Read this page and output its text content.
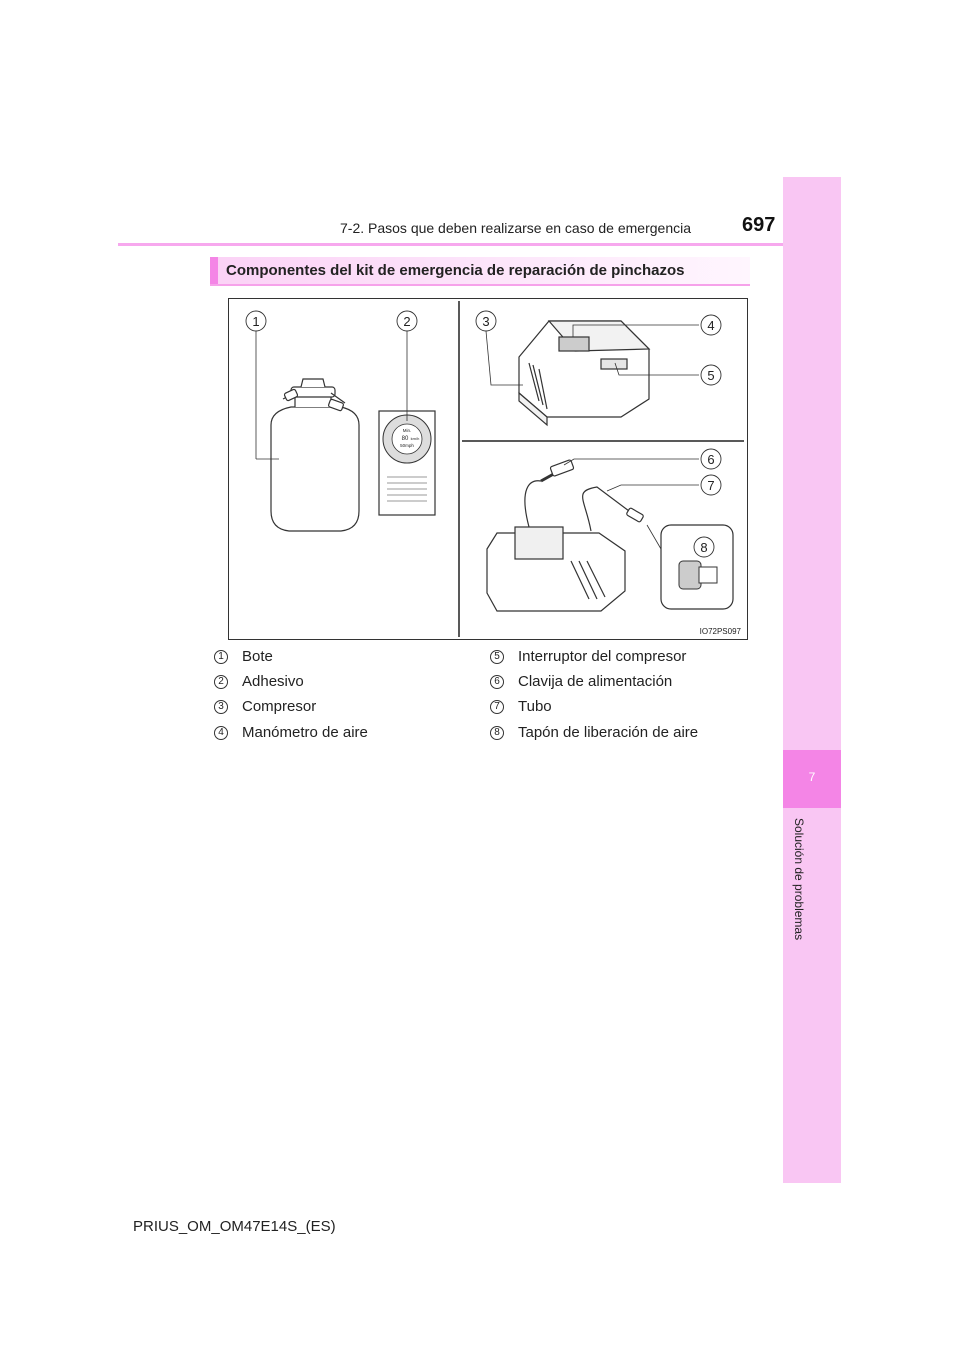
7-2. Pasos que deben realizarse en caso de emergencia	697
7
Solución de problemas
Componentes del kit de emergencia de reparación de pinchazos
Min.
80 km/h
50mph
1	2	3	4
5
6
7
8
IO72PS097
1 Bote
2 Adhesivo
3 Compresor
4 Manómetro de aire
5 Interruptor del compresor
6 Clavija de alimentación
7 Tubo
8 Tapón de liberación de aire
PRIUS_OM_OM47E14S_(ES)
